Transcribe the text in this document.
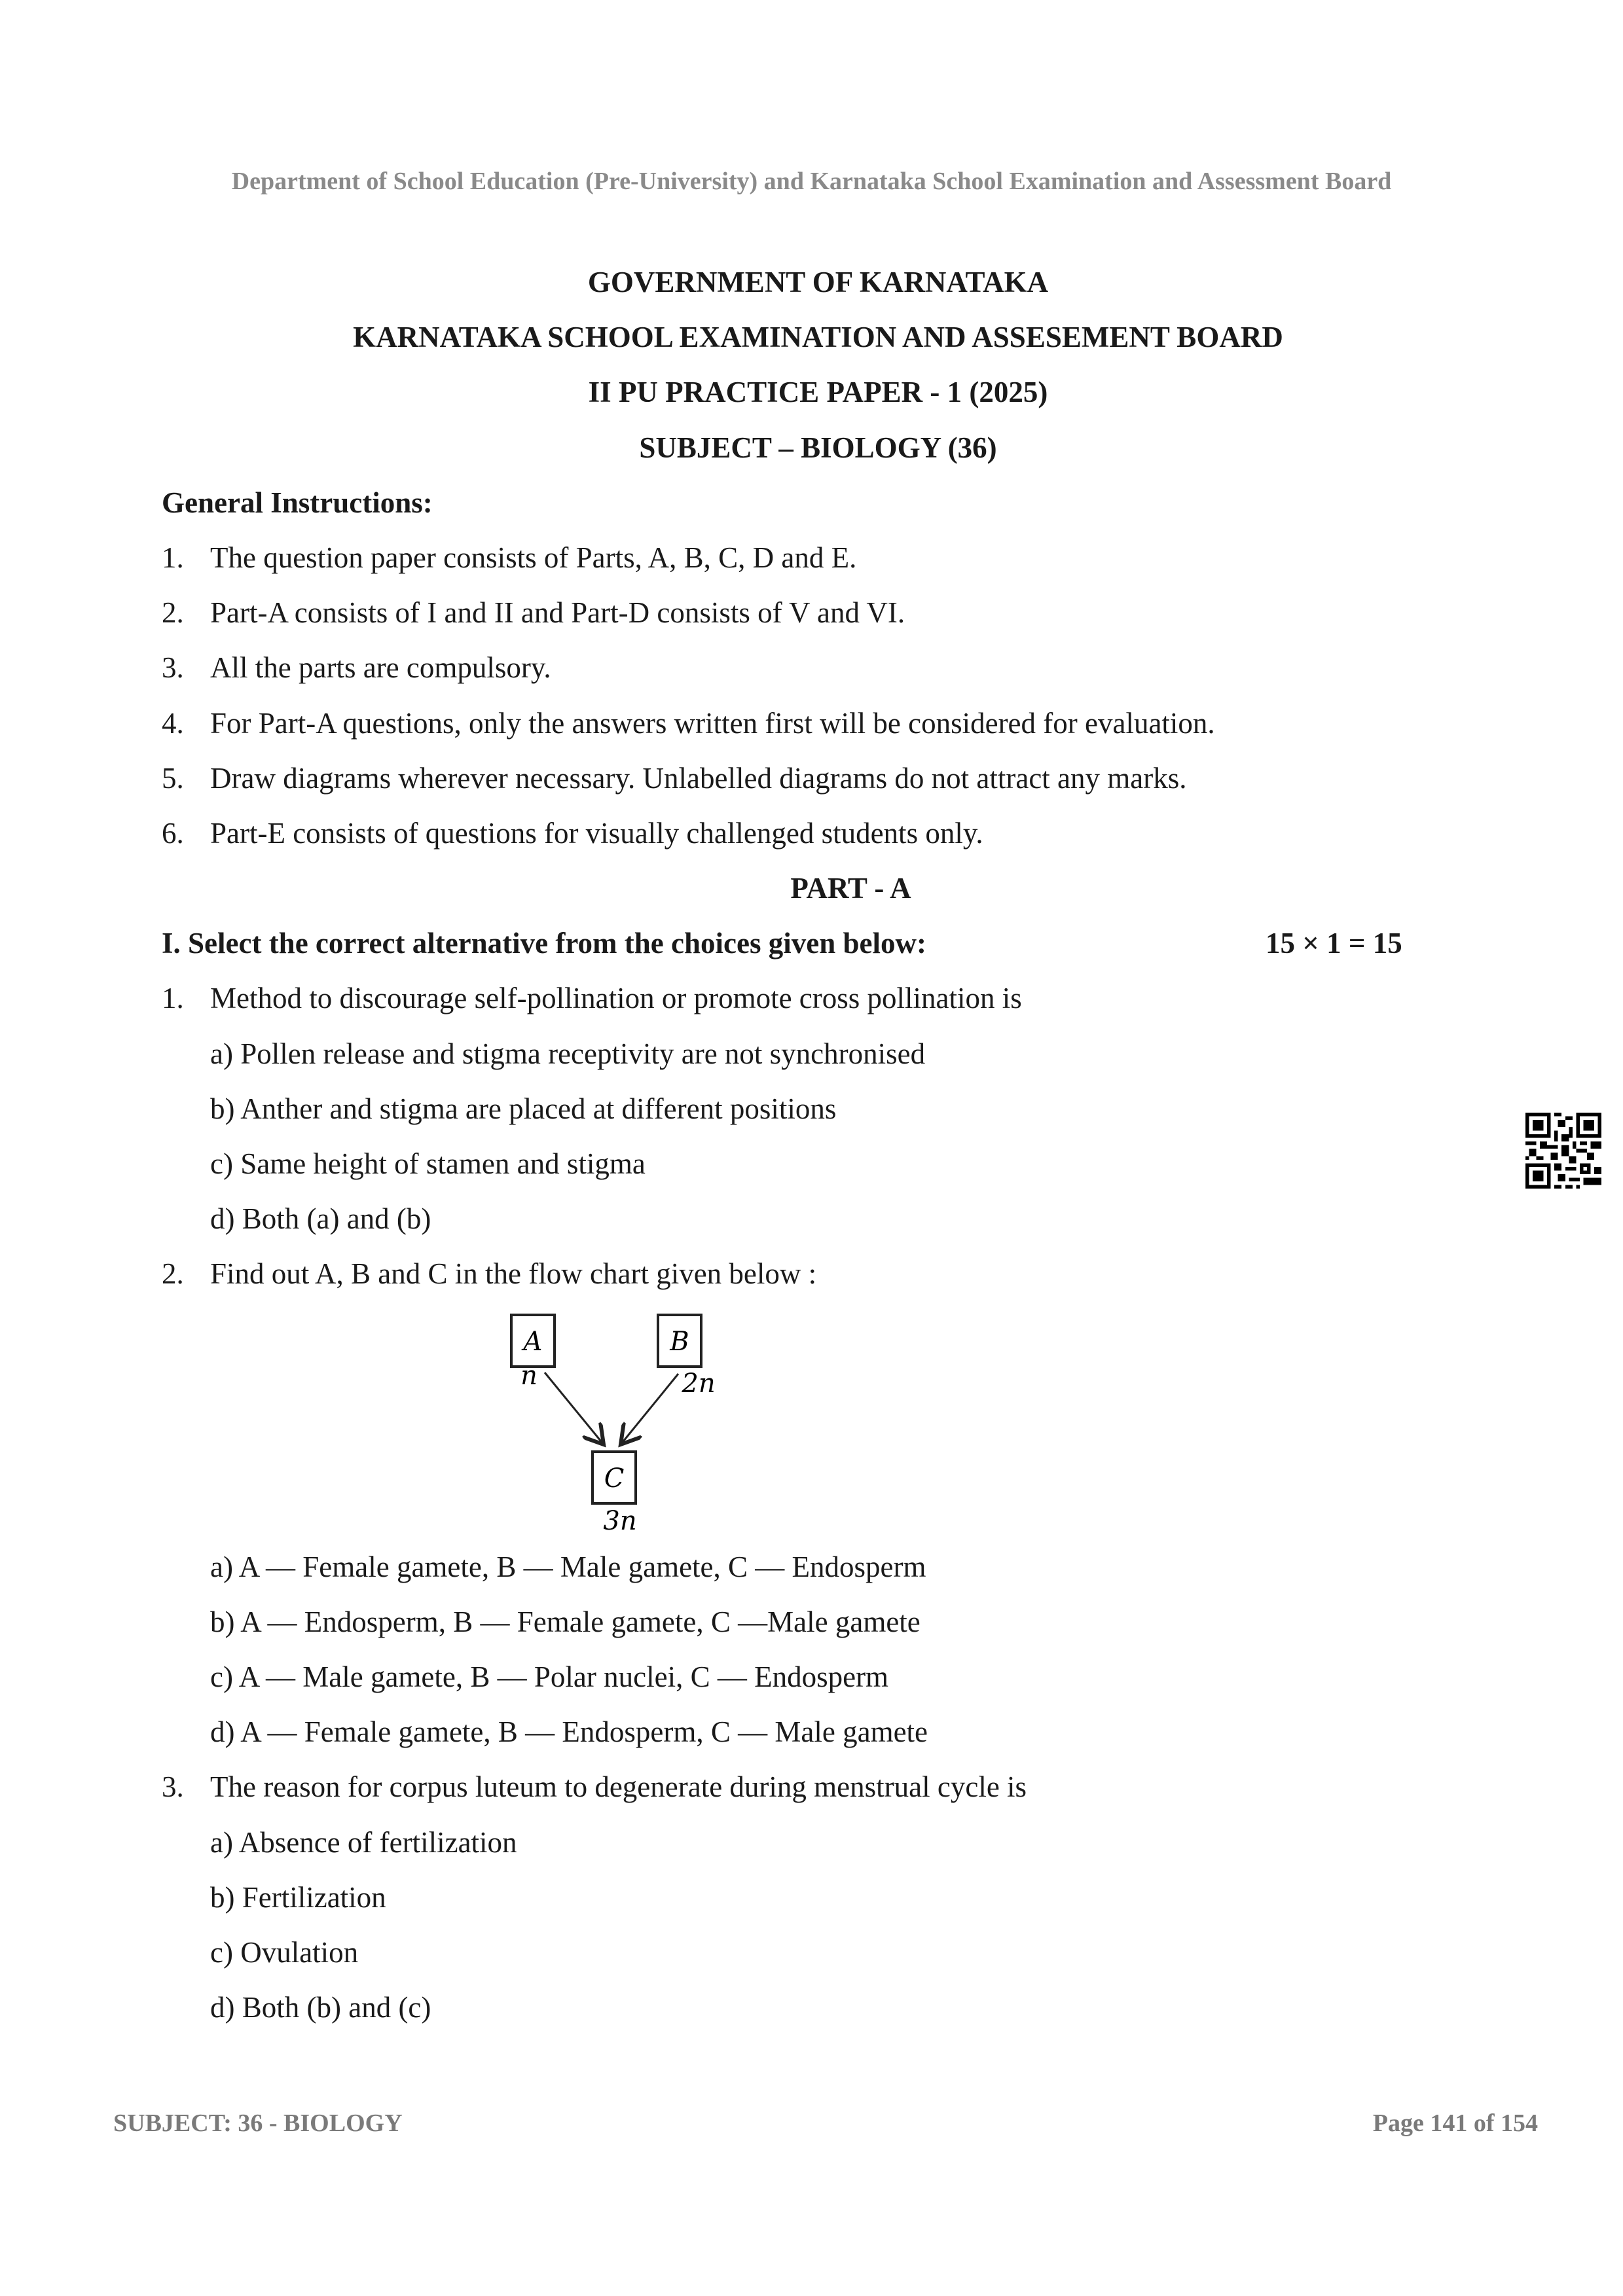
Department of School Education (Pre-University) and Karnataka School Examination and Assessment Board
GOVERNMENT OF KARNATAKA
KARNATAKA SCHOOL EXAMINATION AND ASSESEMENT BOARD
II PU PRACTICE PAPER - 1 (2025)
SUBJECT – BIOLOGY (36)
General Instructions:
1. The question paper consists of Parts, A, B, C, D and E.
2. Part-A consists of I and II and Part-D consists of V and VI.
3. All the parts are compulsory.
4. For Part-A questions, only the answers written first will be considered for evaluation.
5. Draw diagrams wherever necessary. Unlabelled diagrams do not attract any marks.
6. Part-E consists of questions for visually challenged students only.
PART - A
I. Select the correct alternative from the choices given below:	15 × 1 = 15
1. Method to discourage self-pollination or promote cross pollination is
a) Pollen release and stigma receptivity are not synchronised
b) Anther and stigma are placed at different positions
c) Same height of stamen and stigma
d) Both (a) and (b)
2. Find out A, B and C in the flow chart given below :
A	B
C
n	2n
3n
a) A — Female gamete, B — Male gamete, C — Endosperm
b) A — Endosperm, B — Female gamete, C —Male gamete
c) A — Male gamete, B — Polar nuclei, C — Endosperm
d) A — Female gamete, B — Endosperm, C — Male gamete
3. The reason for corpus luteum to degenerate during menstrual cycle is
a) Absence of fertilization
b) Fertilization
c) Ovulation
d) Both (b) and (c)
SUBJECT: 36 - BIOLOGY	Page 141 of 154
